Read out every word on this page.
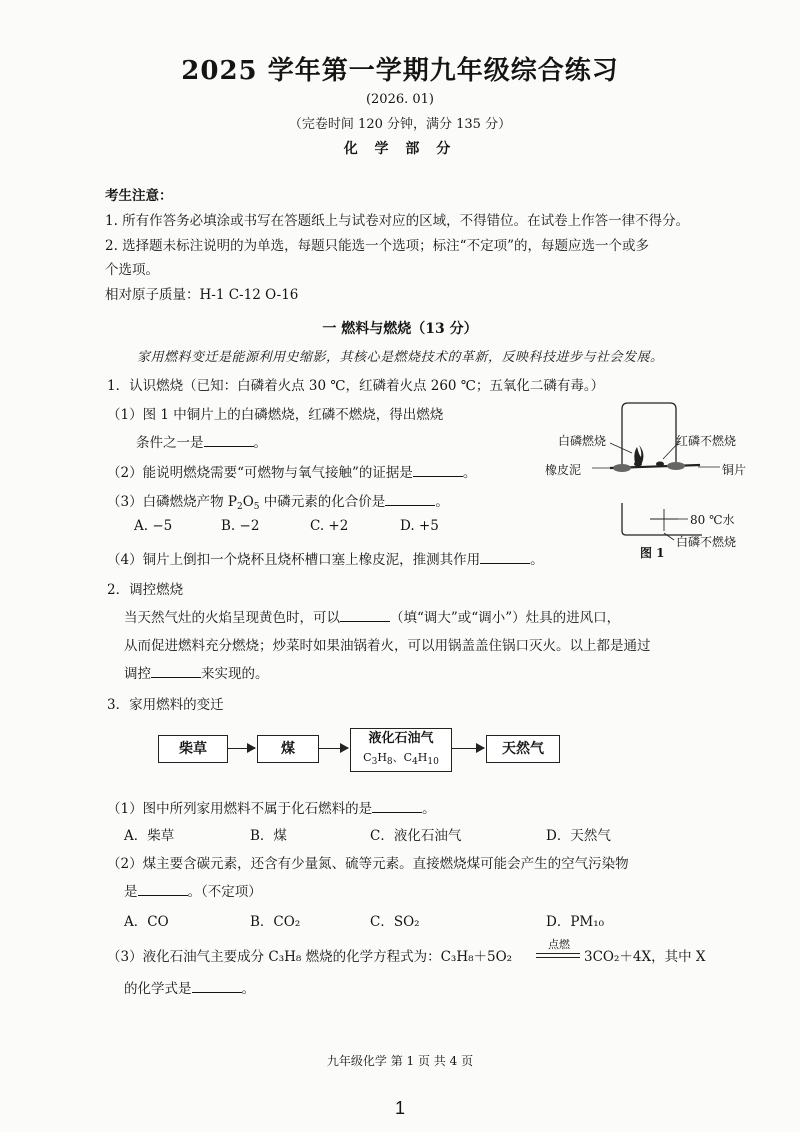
2025 学年第一学期九年级综合练习
(2026. 01)
（完卷时间 120 分钟，满分 135 分）
化 学 部 分
考生注意：
1. 所有作答务必填涂或书写在答题纸上与试卷对应的区域，不得错位。在试卷上作答一律不得分。
2. 选择题未标注说明的为单选，每题只能选一个选项；标注“不定项”的，每题应选一个或多
个选项。
相对原子质量：H-1 C-12 O-16
一 燃料与燃烧（13 分）
家用燃料变迁是能源利用史缩影，其核心是燃烧技术的革新，反映科技进步与社会发展。
1．认识燃烧（已知：白磷着火点 30 ℃，红磷着火点 260 ℃；五氧化二磷有毒。）
（1）图 1 中铜片上的白磷燃烧，红磷不燃烧，得出燃烧
条件之一是	。
（2）能说明燃烧需要“可燃物与氧气接触”的证据是	。
（3）白磷燃烧产物 $P_2O_5$ 中磷元素的化合价是	。
A. −5	B. −2	C. +2	D. +5
（4）铜片上倒扣一个烧杯且烧杯槽口塞上橡皮泥，推测其作用	。
白磷燃烧	红磷不燃烧
橡皮泥	铜片
80 ℃水
白磷不燃烧
图 1
2．调控燃烧
当天然气灶的火焰呈现黄色时，可以	（填“调大”或“调小”）灶具的进风口，
从而促进燃料充分燃烧；炒菜时如果油锅着火，可以用锅盖盖住锅口灭火。以上都是通过
调控	来实现的。
3．家用燃料的变迁
柴草	煤
液化石油气
$C_3H_8$、$C_4H_{10}$
天然气
（1）图中所列家用燃料不属于化石燃料的是	。
A．柴草	B．煤	C．液化石油气	D．天然气
（2）煤主要含碳元素，还含有少量氮、硫等元素。直接燃烧煤可能会产生的空气污染物
是	。（不定项）
A．CO	B．CO₂	C．SO₂	D．PM₁₀
（3）液化石油气主要成分 C₃H₈ 燃烧的化学方程式为：C₃H₈＋5O₂
点燃
3CO₂＋4X，其中 X
的化学式是	。
九年级化学 第 1 页 共 4 页
1
